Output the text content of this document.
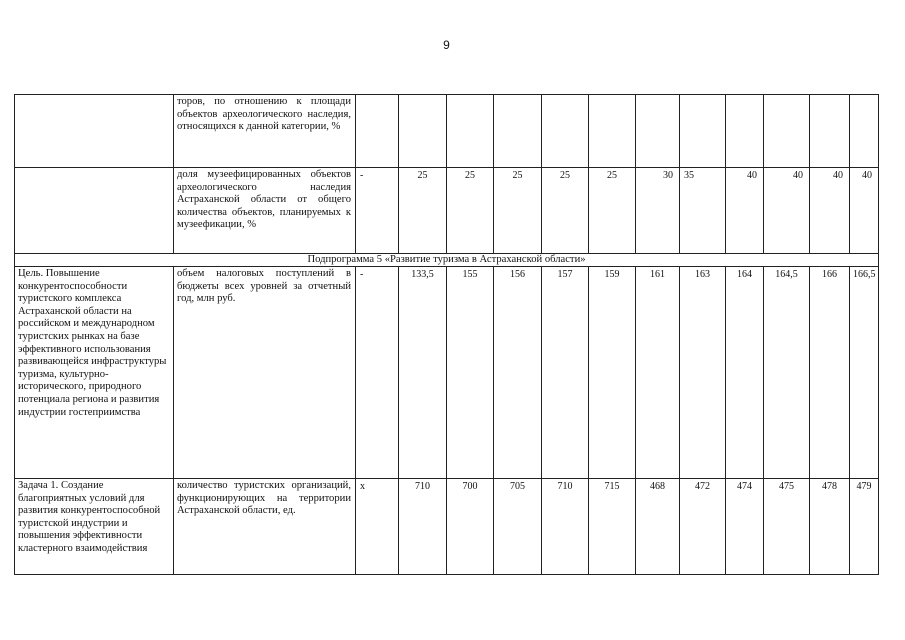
9
	торов, по отношению к площади объектов археологического наследия, относящихся к данной категории, %												
	доля музеефицированных объектов археологического наследия Астраханской области от общего количества объектов, планируемых к музеефикации, %	-	25	25	25	25	25	30	35	40	40	40	40
Подпрограмма 5 «Развитие туризма в Астраханской области»													
Цель. Повышение конкурентоспособности туристского комплекса Астраханской области на российском и международном туристских рынках на базе эффективного использования развивающейся инфраструктуры туризма, культурно-исторического, природного потенциала региона и развития индустрии гостеприимства	объем налоговых поступлений в бюджеты всех уровней за отчетный год, млн руб.	-	133,5	155	156	157	159	161	163	164	164,5	166	166,5
Задача 1. Создание благоприятных условий для развития конкурентоспособной туристской индустрии и повышения эффективности кластерного взаимодействия	количество туристских организаций, функционирующих на территории Астраханской области, ед.	x	710	700	705	710	715	468	472	474	475	478	479
